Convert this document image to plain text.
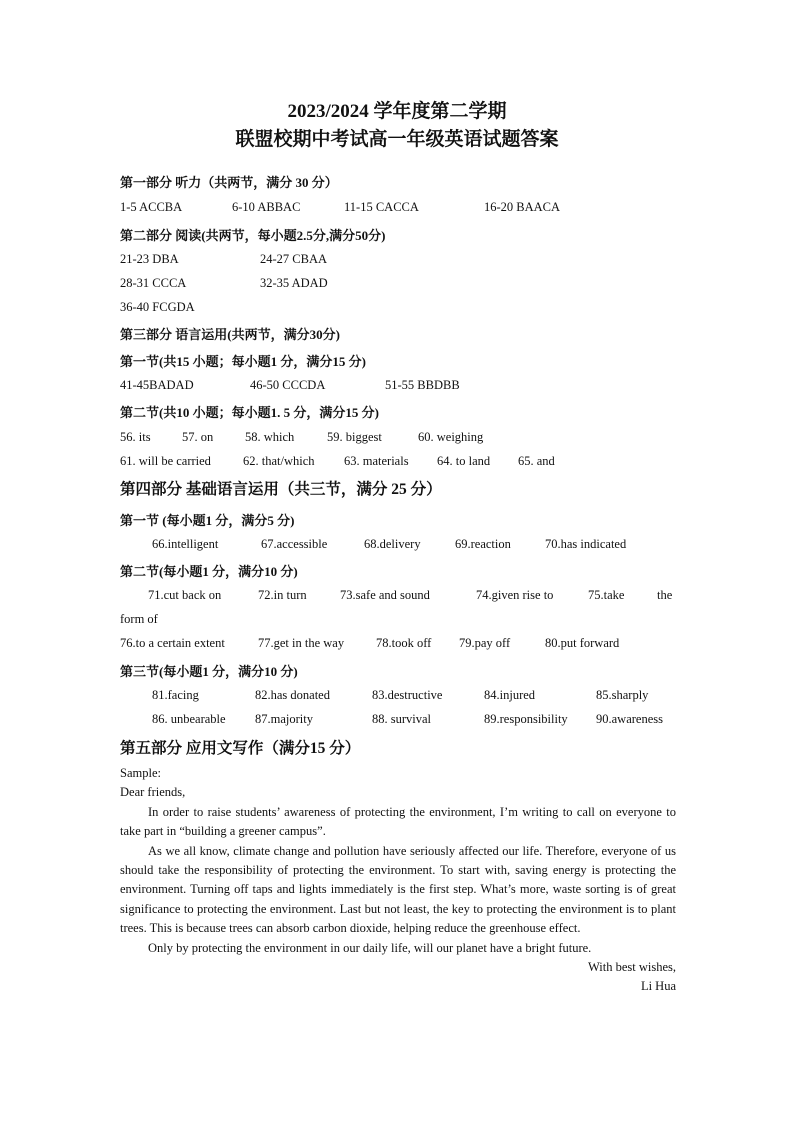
2023/2024 学年度第二学期
联盟校期中考试高一年级英语试题答案
第一部分 听力（共两节，满分 30 分）
1-5 ACCBA	6-10 ABBAC	11-15 CACCA	16-20 BAACA
第二部分 阅读(共两节，每小题2.5分,满分50分)
21-23 DBA	24-27 CBAA
28-31 CCCA	32-35 ADAD
36-40 FCGDA
第三部分 语言运用(共两节，满分30分)
第一节(共15 小题；每小题1 分，满分15 分)
41-45BADAD	46-50 CCCDA	51-55 BBDBB
第二节(共10 小题；每小题1. 5 分，满分15 分)
56. its	57. on	58. which	59. biggest	60. weighing
61. will be carried	62. that/which 63. materials 64. to land 65. and
第四部分 基础语言运用（共三节，满分 25 分）
第一节 (每小题1 分，满分5 分)
66.intelligent	67.accessible	68.delivery	69.reaction	70.has indicated
第二节(每小题1 分，满分10 分)
71.cut back on	72.in turn	73.safe and sound	74.given rise to	75.take	the
form of
76.to a certain extent	77.get in the way	78.took off 79.pay off	80.put forward
第三节(每小题1 分，满分10 分)
81.facing	82.has donated	83.destructive	84.injured	85.sharply
86. unbearable 87.majority	88. survival	89.responsibility 90.awareness
第五部分 应用文写作（满分15 分）

Sample:

Dear friends,

In order to raise students’ awareness of protecting the environment, I’m writing to call on everyone to take part in “building a greener campus”.

As we all know, climate change and pollution have seriously affected our life. Therefore, everyone of us should take the responsibility of protecting the environment. To start with, saving energy is protecting the environment. Turning off taps and lights immediately is the first step. What’s more, waste sorting is of great significance to protecting the environment. Last but not least, the key to protecting the environment is to plant trees. This is because trees can absorb carbon dioxide, helping reduce the greenhouse effect.

Only by protecting the environment in our daily life, will our planet have a bright future.

With best wishes,

Li Hua
